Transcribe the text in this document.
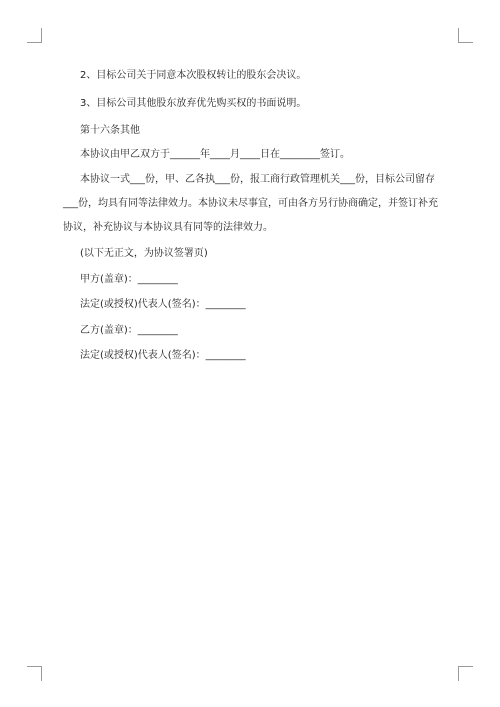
2、目标公司关于同意本次股权转让的股东会决议。
3、目标公司其他股东放弃优先购买权的书面说明。
第十六条其他
本协议由甲乙双方于______年____月____日在________签订。
本协议一式___份，甲、乙各执___份，报工商行政管理机关___份，目标公司留存
___份，均具有同等法律效力。本协议未尽事宜，可由各方另行协商确定，并签订补充
协议，补充协议与本协议具有同等的法律效力。
(以下无正文，为协议签署页)
甲方(盖章)：________
法定(或授权)代表人(签名)：________
乙方(盖章)：________
法定(或授权)代表人(签名)：________
